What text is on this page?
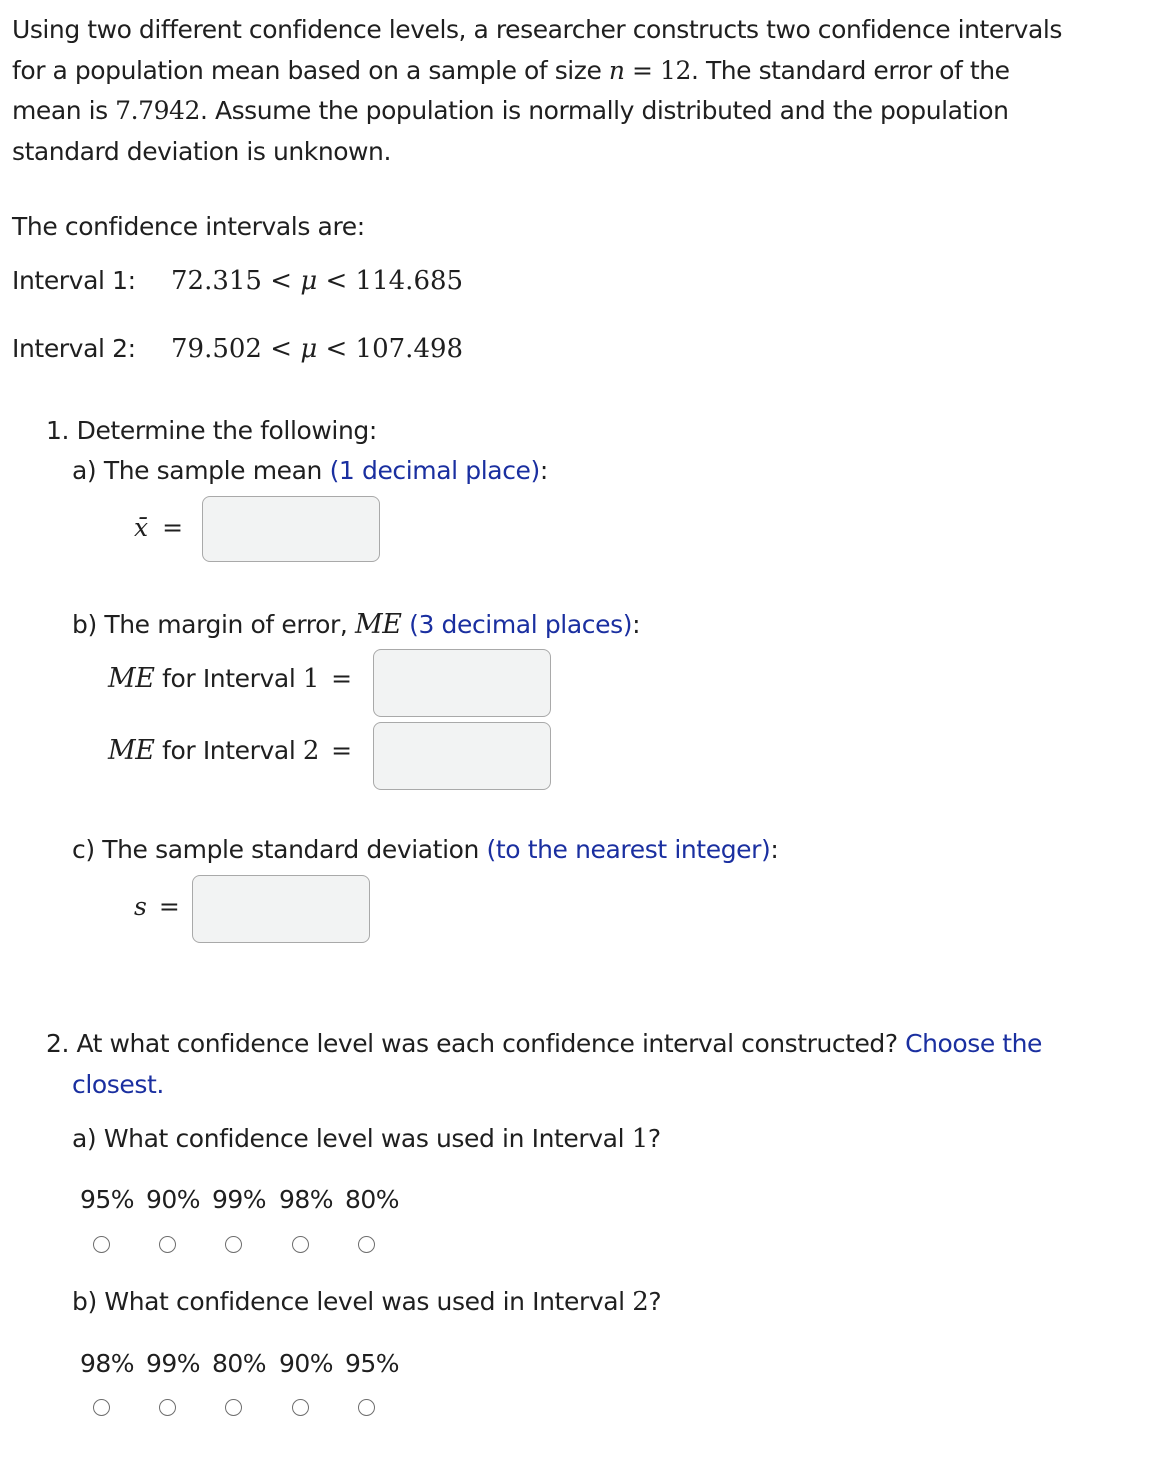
Using two different confidence levels, a researcher constructs two confidence intervals for a population mean based on a sample of size n = 12. The standard error of the mean is 7.7942. Assume the population is normally distributed and the population standard deviation is unknown.
The confidence intervals are:
Interval 1: 72.315 < μ < 114.685
Interval 2: 79.502 < μ < 107.498
1. Determine the following:
a) The sample mean (1 decimal place):
x̄ =
b) The margin of error, ME (3 decimal places):
ME for Interval 1 =
ME for Interval 2 =
c) The sample standard deviation (to the nearest integer):
s =
2. At what confidence level was each confidence interval constructed? Choose the
closest.
a) What confidence level was used in Interval 1?
95% 90% 99% 98% 80%
b) What confidence level was used in Interval 2?
98% 99% 80% 90% 95%
